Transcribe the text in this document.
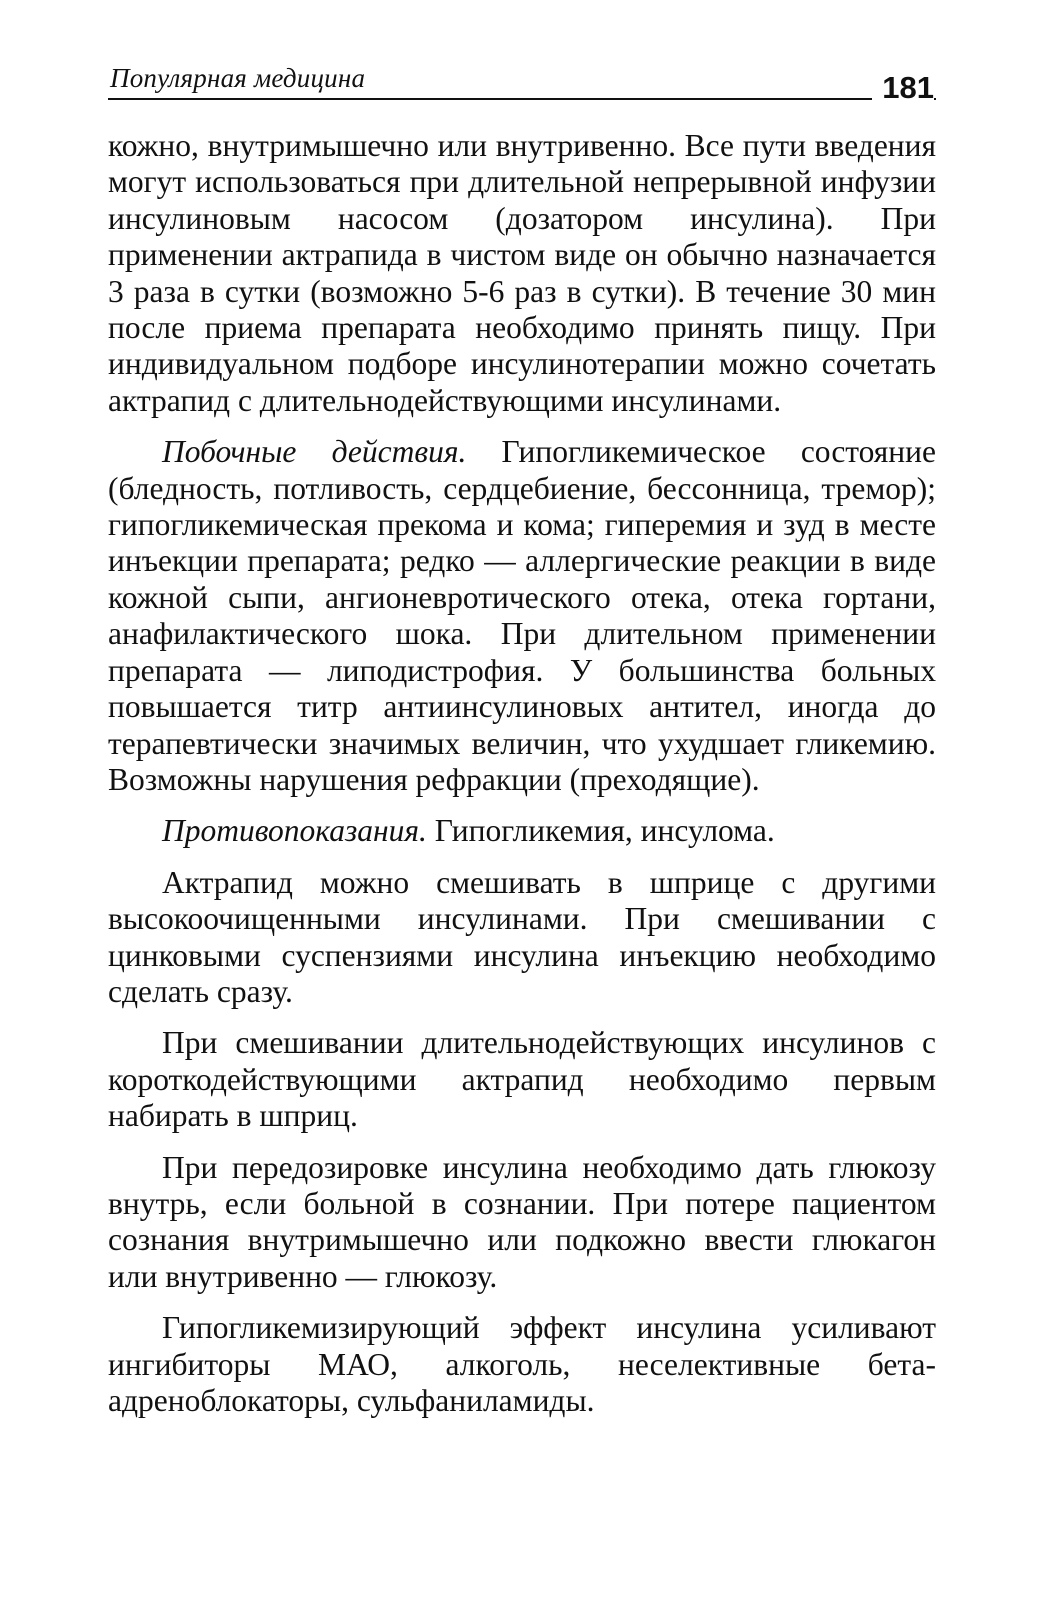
Популярная медицина	181

кожно, внутримышечно или внутривенно. Все пути введения могут использоваться при длительной непрерывной инфузии инсулиновым насосом (дозатором инсулина). При применении актрапида в чистом виде он обычно назначается 3 раза в сутки (возможно 5-6 раз в сутки). В течение 30 мин после приема препарата необходимо принять пищу. При индивидуальном подборе инсулинотерапии можно сочетать актрапид с длительнодействующими инсулинами.

Побочные действия. Гипогликемическое состояние (бледность, потливость, сердцебиение, бессонница, тремор); гипогликемическая прекома и кома; гиперемия и зуд в месте инъекции препарата; редко — аллергические реакции в виде кожной сыпи, ангионевротического отека, отека гортани, анафилактического шока. При длительном применении препарата — липодистрофия. У большинства больных повышается титр антиинсулиновых антител, иногда до терапевтически значимых величин, что ухудшает гликемию. Возможны нарушения рефракции (преходящие).

Противопоказания. Гипогликемия, инсулома.

Актрапид можно смешивать в шприце с другими высокоочищенными инсулинами. При смешивании с цинковыми суспензиями инсулина инъекцию необходимо сделать сразу.

При смешивании длительнодействующих инсулинов с короткодействующими актрапид необходимо первым набирать в шприц.

При передозировке инсулина необходимо дать глюкозу внутрь, если больной в сознании. При потере пациентом сознания внутримышечно или подкожно ввести глюкагон или внутривенно — глюкозу.

Гипогликемизирующий эффект инсулина усиливают ингибиторы МАО, алкоголь, неселективные бета-адреноблокаторы, сульфаниламиды.
